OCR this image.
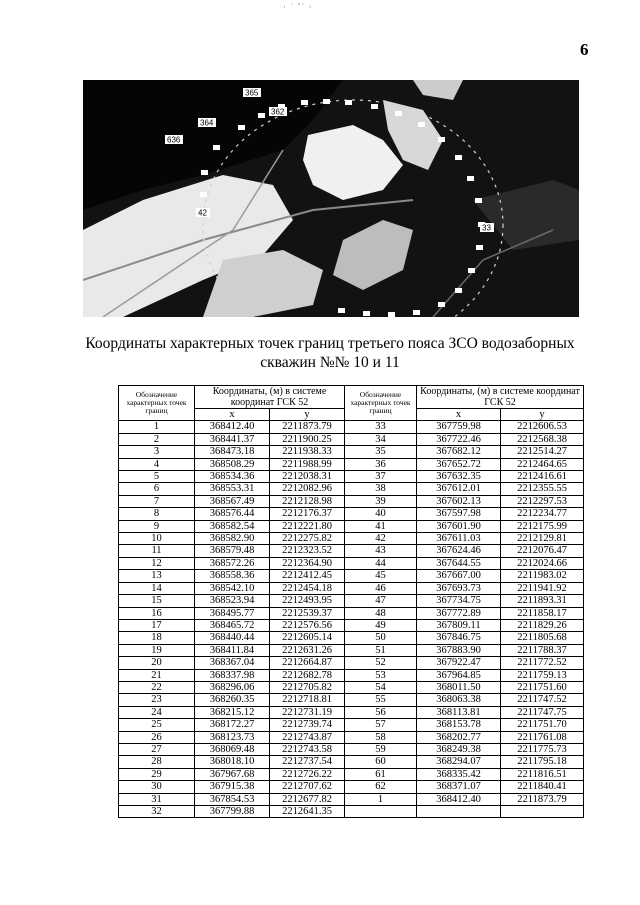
· ˙ ˚˙ ·
6
364
636
362
365
33
42
Координаты характерных точек границ третьего пояса ЗСО водозаборных
скважин №№ 10 и 11
Обозначение характерных точек границ	Координаты, (м) в системе координат ГСК 52		Обозначение характерных точек границ	Координаты, (м) в системе координат ГСК 52	
	x	y		x	y
1	368412.40	2211873.79	33	367759.98	2212606.53
2	368441.37	2211900.25	34	367722.46	2212568.38
3	368473.18	2211938.33	35	367682.12	2212514.27
4	368508.29	2211988.99	36	367652.72	2212464.65
5	368534.36	2212038.31	37	367632.35	2212416.61
6	368553.31	2212082.96	38	367612.01	2212355.55
7	368567.49	2212128.98	39	367602.13	2212297.53
8	368576.44	2212176.37	40	367597.98	2212234.77
9	368582.54	2212221.80	41	367601.90	2212175.99
10	368582.90	2212275.82	42	367611.03	2212129.81
11	368579.48	2212323.52	43	367624.46	2212076.47
12	368572.26	2212364.90	44	367644.55	2212024.66
13	368558.36	2212412.45	45	367667.00	2211983.02
14	368542.10	2212454.18	46	367693.73	2211941.92
15	368523.94	2212493.95	47	367734.75	2211893.31
16	368495.77	2212539.37	48	367772.89	2211858.17
17	368465.72	2212576.56	49	367809.11	2211829.26
18	368440.44	2212605.14	50	367846.75	2211805.68
19	368411.84	2212631.26	51	367883.90	2211788.37
20	368367.04	2212664.87	52	367922.47	2211772.52
21	368337.98	2212682.78	53	367964.85	2211759.13
22	368296.06	2212705.82	54	368011.50	2211751.60
23	368260.35	2212718.81	55	368063.38	2211747.52
24	368215.12	2212731.19	56	368113.81	2211747.75
25	368172.27	2212739.74	57	368153.78	2211751.70
26	368123.73	2212743.87	58	368202.77	2211761.08
27	368069.48	2212743.58	59	368249.38	2211775.73
28	368018.10	2212737.54	60	368294.07	2211795.18
29	367967.68	2212726.22	61	368335.42	2211816.51
30	367915.38	2212707.62	62	368371.07	2211840.41
31	367854.53	2212677.82	1	368412.40	2211873.79
32	367799.88	2212641.35			
